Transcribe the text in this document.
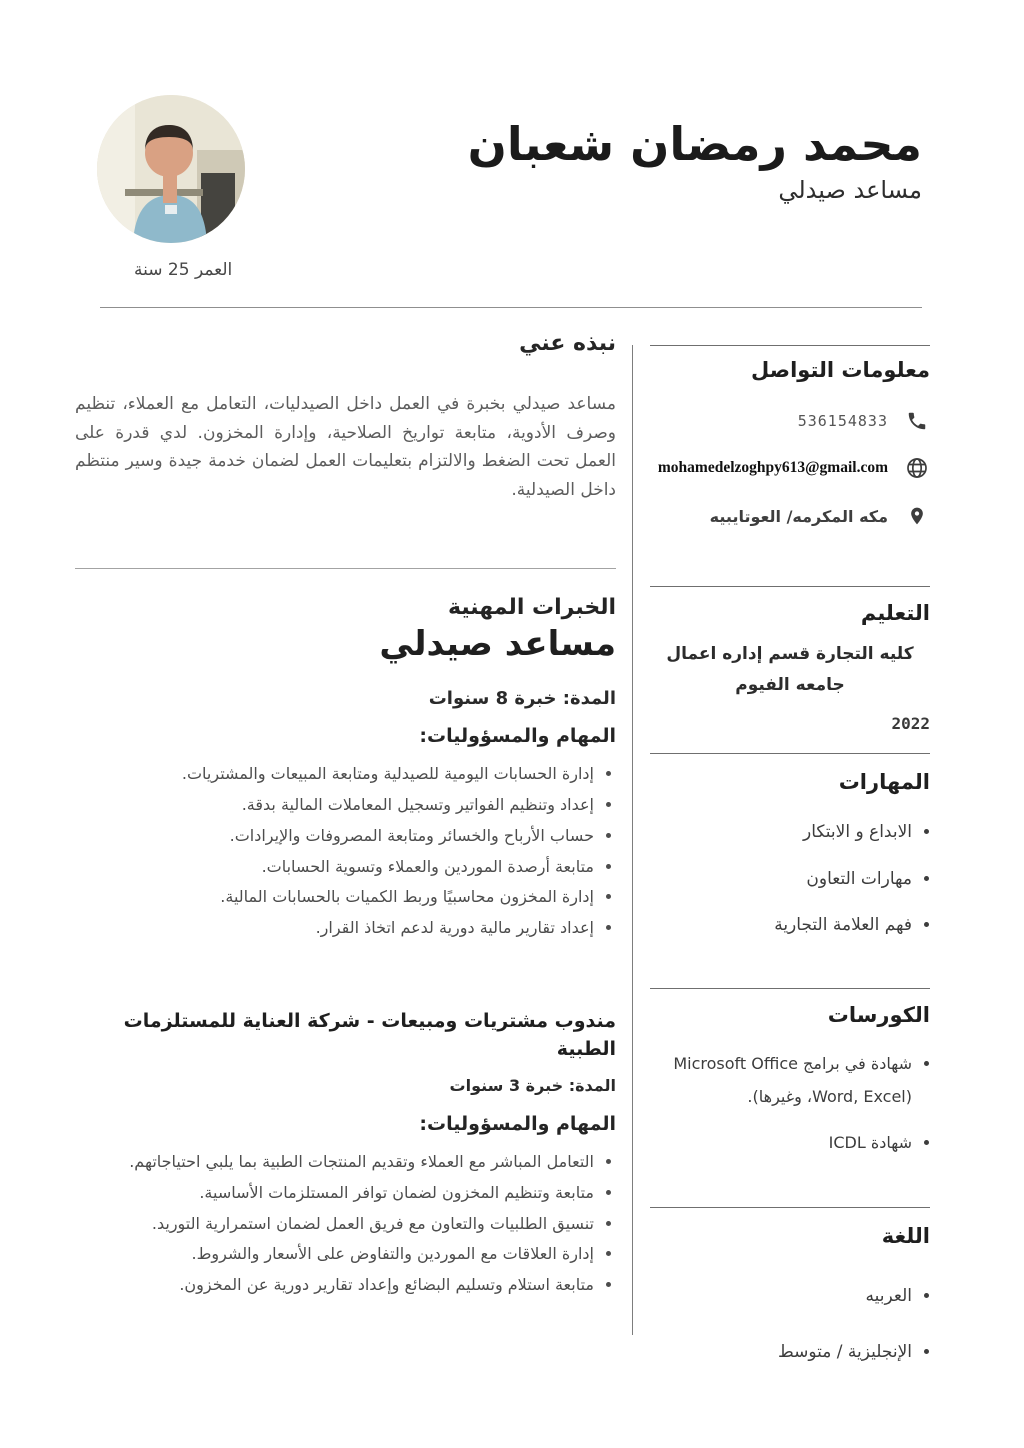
محمد رمضان شعبان
مساعد صيدلي
العمر 25 سنة
نبذه عني

مساعد صيدلي بخبرة في العمل داخل الصيدليات، التعامل مع العملاء، تنظيم وصرف الأدوية، متابعة تواريخ الصلاحية، وإدارة المخزون. لدي قدرة على العمل تحت الضغط والالتزام بتعليمات العمل لضمان خدمة جيدة وسير منتظم داخل الصيدلية.

الخبرات المهنية
مساعد صيدلي
المدة: خبرة 8 سنوات
المهام والمسؤوليات:
• إدارة الحسابات اليومية للصيدلية ومتابعة المبيعات والمشتريات.
• إعداد وتنظيم الفواتير وتسجيل المعاملات المالية بدقة.
• حساب الأرباح والخسائر ومتابعة المصروفات والإيرادات.
• متابعة أرصدة الموردين والعملاء وتسوية الحسابات.
• إدارة المخزون محاسبيًا وربط الكميات بالحسابات المالية.
• إعداد تقارير مالية دورية لدعم اتخاذ القرار.
مندوب مشتريات ومبيعات - شركة العناية للمستلزمات الطبية
المدة: خبرة 3 سنوات
المهام والمسؤوليات:
• التعامل المباشر مع العملاء وتقديم المنتجات الطبية بما يلبي احتياجاتهم.
• متابعة وتنظيم المخزون لضمان توافر المستلزمات الأساسية.
• تنسيق الطلبيات والتعاون مع فريق العمل لضمان استمرارية التوريد.
• إدارة العلاقات مع الموردين والتفاوض على الأسعار والشروط.
• متابعة استلام وتسليم البضائع وإعداد تقارير دورية عن المخزون.
معلومات التواصل
536154833
mohamedelzoghpy613@gmail.com
مكه المكرمه/ العوتايبيه
التعليم
كليه التجارة قسم إداره اعمال جامعه الفيوم
2022
المهارات
• الابداع و الابتكار
• مهارات التعاون
• فهم العلامة التجارية
الكورسات
• شهادة في برامج Microsoft Office (Word, Excel، وغيرها).
• شهادة ICDL
اللغة
• العربيه
• الإنجليزية / متوسط
